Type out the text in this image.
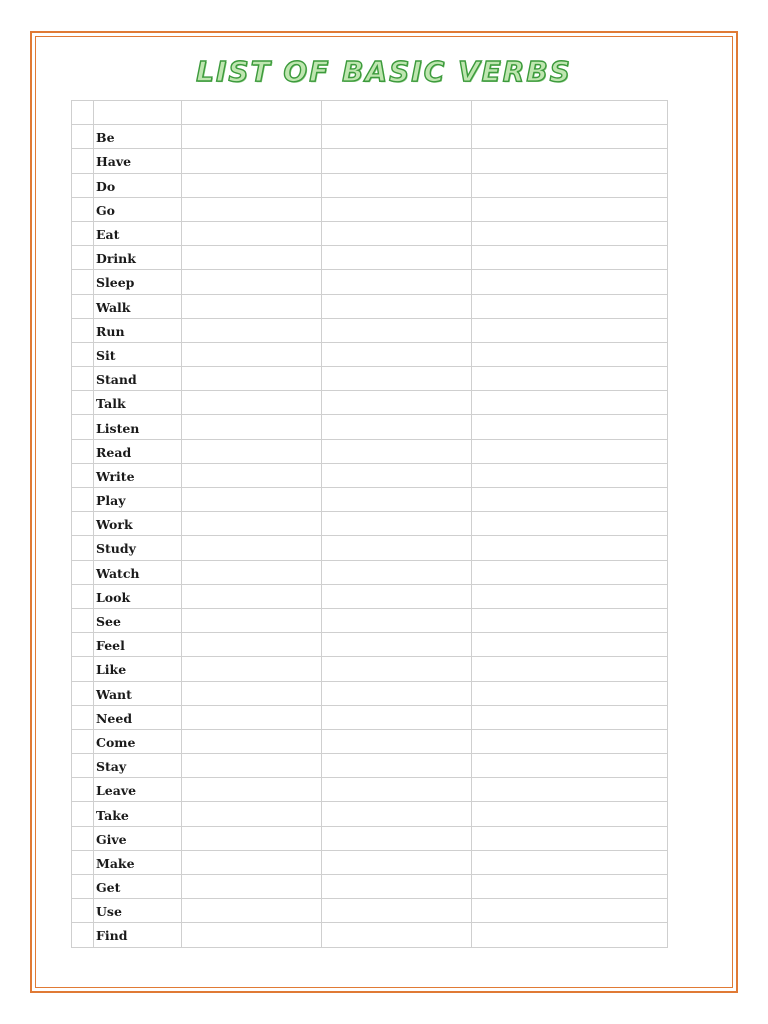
LIST OF BASIC VERBS

	Be			

	Have			

	Do			

	Go			

	Eat			

	Drink			

	Sleep			

	Walk			

	Run			

	Sit			

	Stand			

	Talk			

	Listen			

	Read			

	Write			

	Play			

	Work			

	Study			

	Watch			

	Look			

	See			

	Feel			

	Like			

	Want			

	Need			

	Come			

	Stay			

	Leave			

	Take			

	Give			

	Make			

	Get			

	Use			

	Find			
